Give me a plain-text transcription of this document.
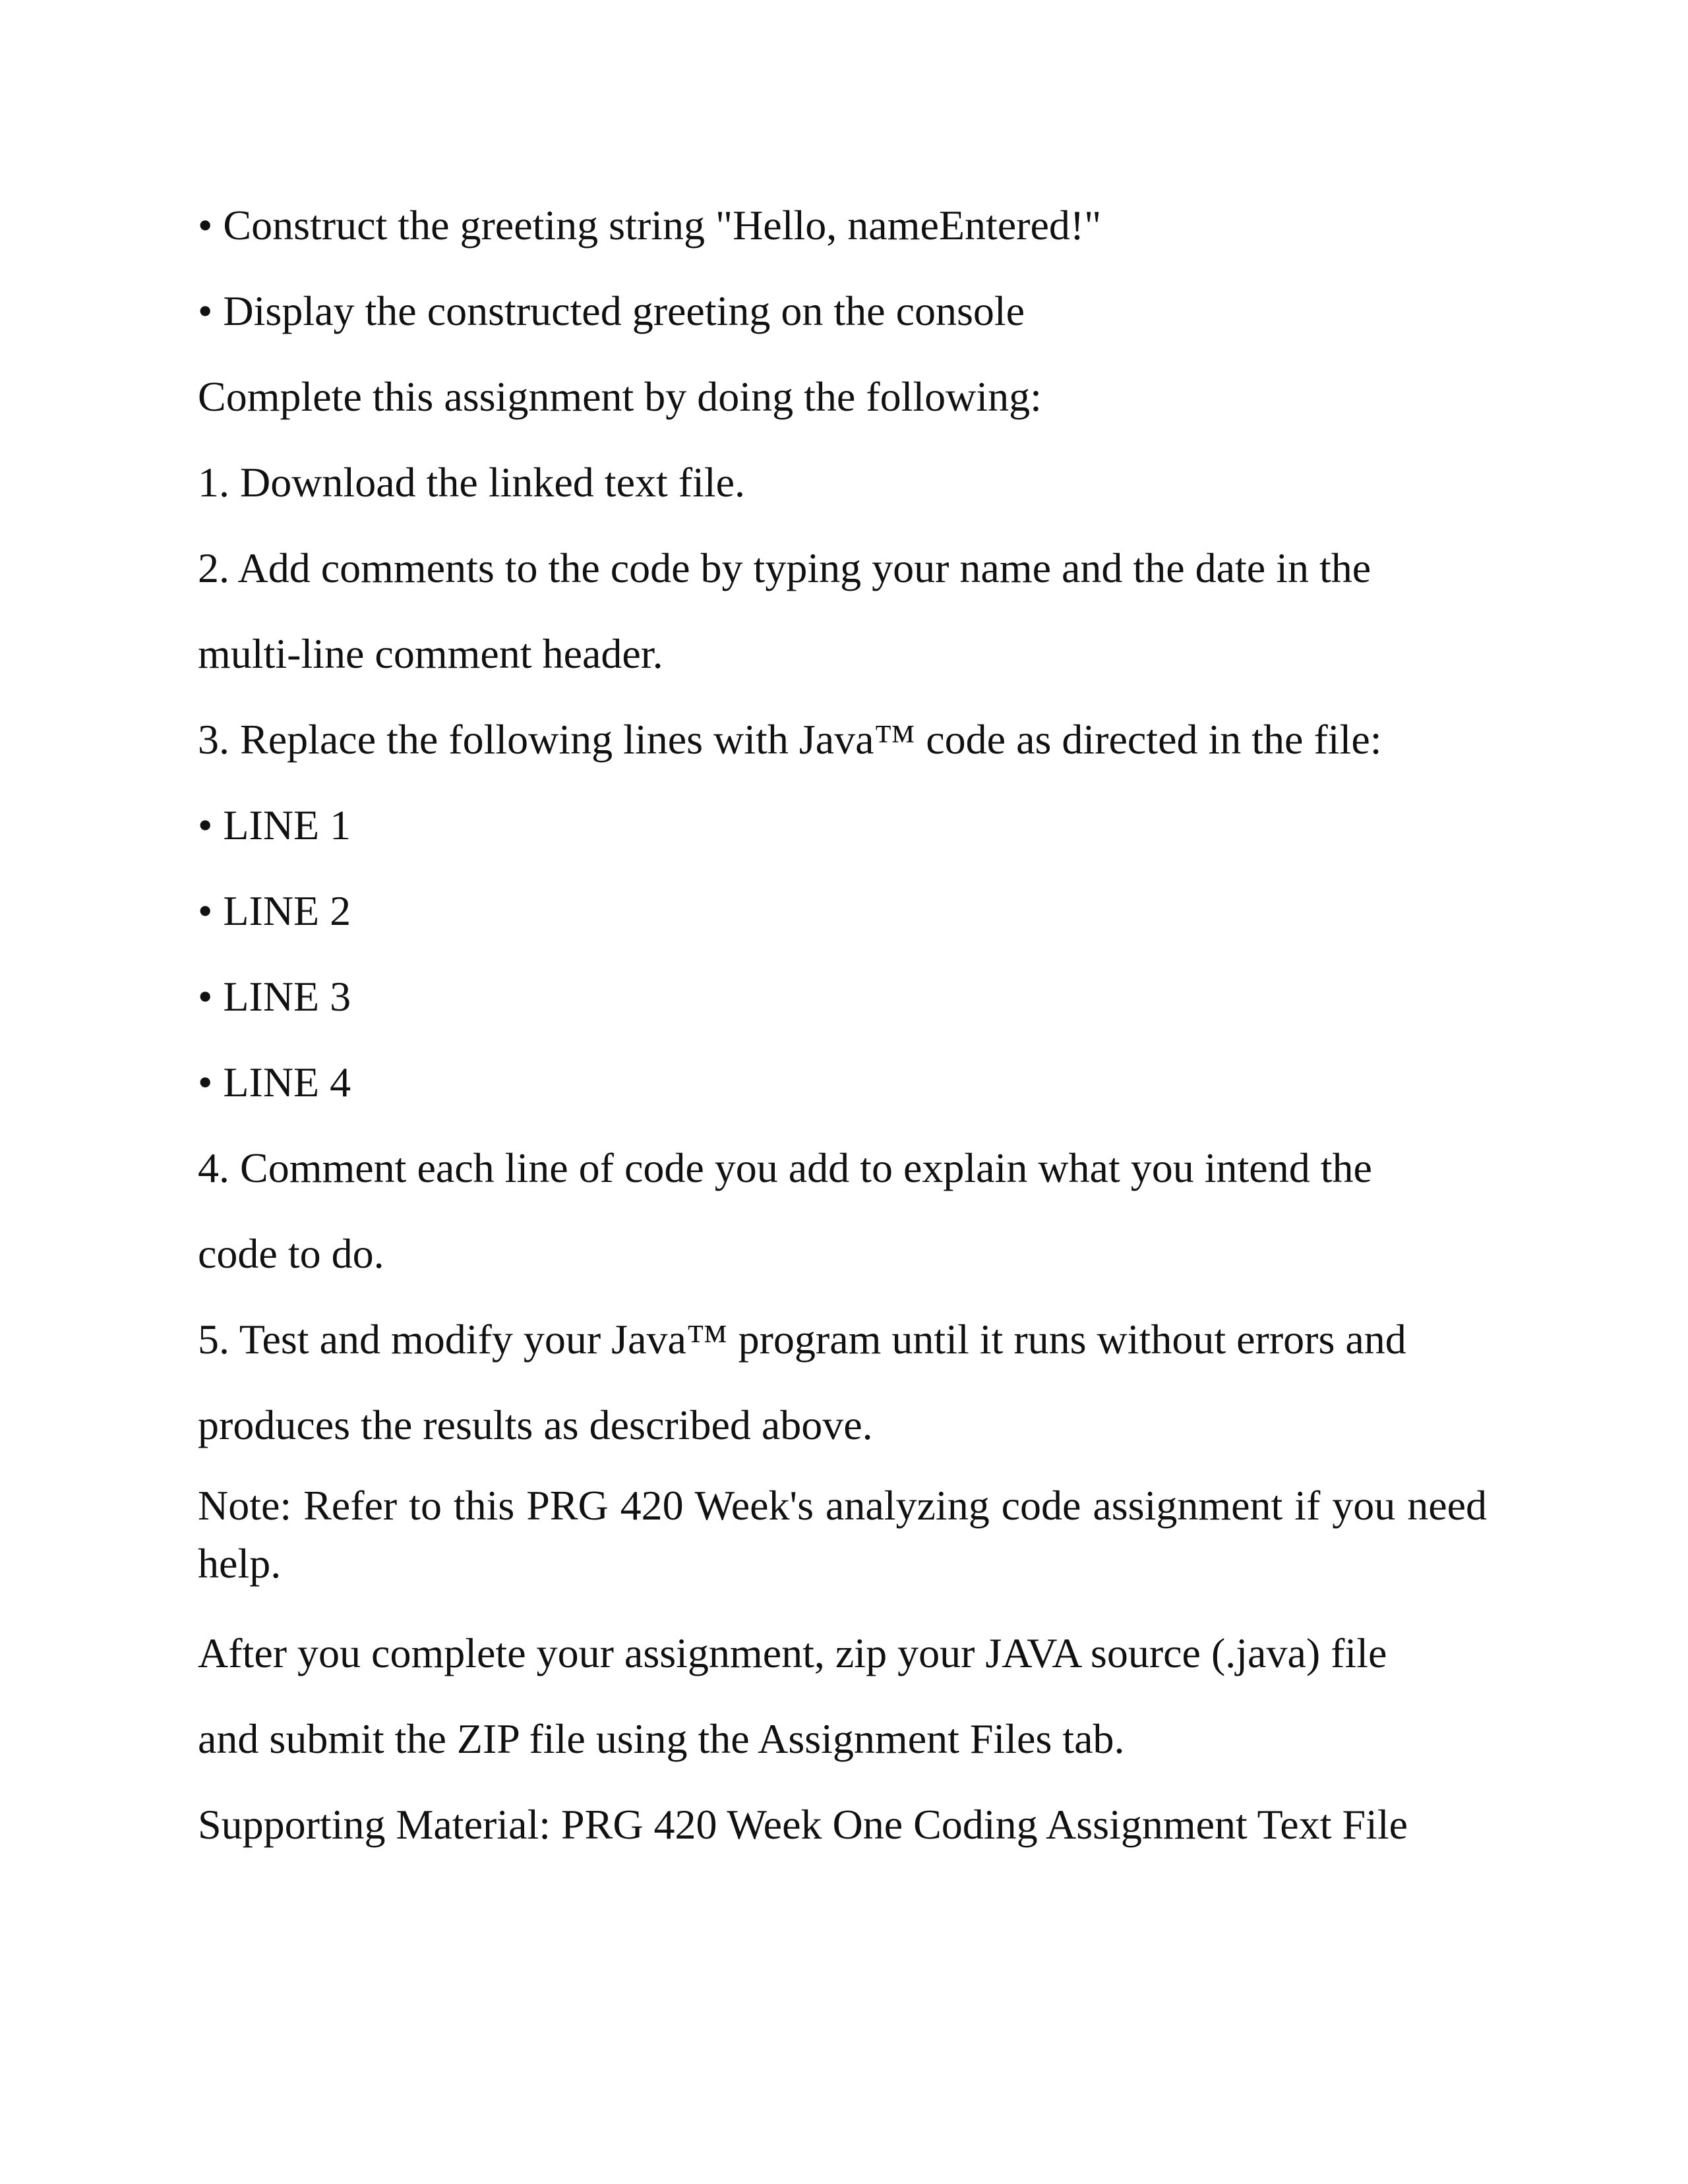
• Construct the greeting string "Hello, nameEntered!"
• Display the constructed greeting on the console
Complete this assignment by doing the following:
1. Download the linked text file.
2. Add comments to the code by typing your name and the date in the
multi-line comment header.
3. Replace the following lines with Java™ code as directed in the file:
• LINE 1
• LINE 2
• LINE 3
• LINE 4
4. Comment each line of code you add to explain what you intend the
code to do.
5. Test and modify your Java™ program until it runs without errors and
produces the results as described above.
Note: Refer to this PRG 420 Week's analyzing code assignment if you need help.
After you complete your assignment, zip your JAVA source (.java) file
and submit the ZIP file using the Assignment Files tab.
Supporting Material: PRG 420 Week One Coding Assignment Text File
